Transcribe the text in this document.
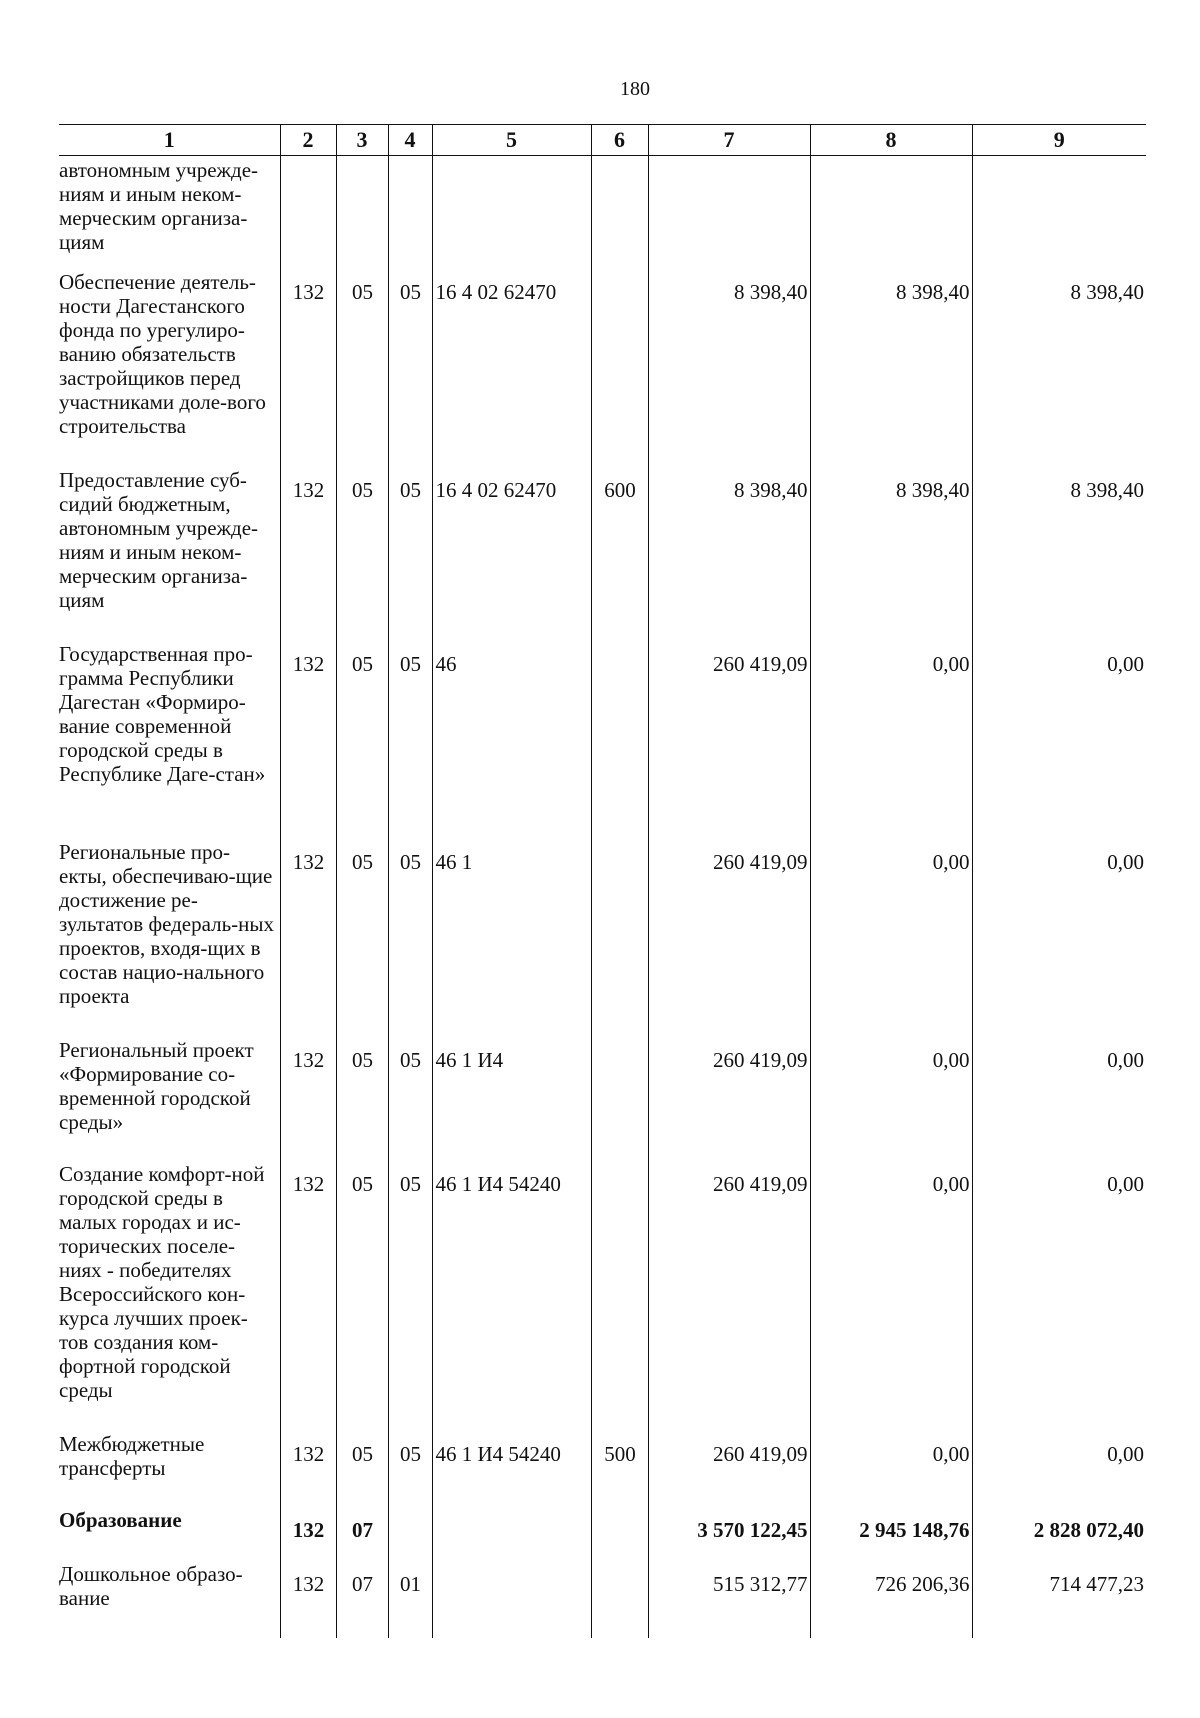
180
1	2	3	4	5	6	7	8	9
автономным учрежде-ниям и иным неком-мерческим организа-циям								
Обеспечение деятель-ности Дагестанского фонда по урегулиро-ванию обязательств застройщиков перед участниками доле-вого строительства	132	05	05	16 4 02 62470		8 398,40	8 398,40	8 398,40
Предоставление суб-сидий бюджетным, автономным учрежде-ниям и иным неком-мерческим организа-циям	132	05	05	16 4 02 62470	600	8 398,40	8 398,40	8 398,40
Государственная про-грамма Республики Дагестан «Формиро-вание современной городской среды в Республике Даге-стан»	132	05	05	46		260 419,09	0,00	0,00
Региональные про-екты, обеспечиваю-щие достижение ре-зультатов федераль-ных проектов, входя-щих в состав нацио-нального проекта	132	05	05	46 1		260 419,09	0,00	0,00
Региональный проект «Формирование со-временной городской среды»	132	05	05	46 1 И4		260 419,09	0,00	0,00
Создание комфорт-ной городской среды в малых городах и ис-торических поселе-ниях - победителях Всероссийского кон-курса лучших проек-тов создания ком-фортной городской среды	132	05	05	46 1 И4 54240		260 419,09	0,00	0,00
Межбюджетные трансферты	132	05	05	46 1 И4 54240	500	260 419,09	0,00	0,00
Образование	132	07				3 570 122,45	2 945 148,76	2 828 072,40
Дошкольное образо-вание	132	07	01			515 312,77	726 206,36	714 477,23
